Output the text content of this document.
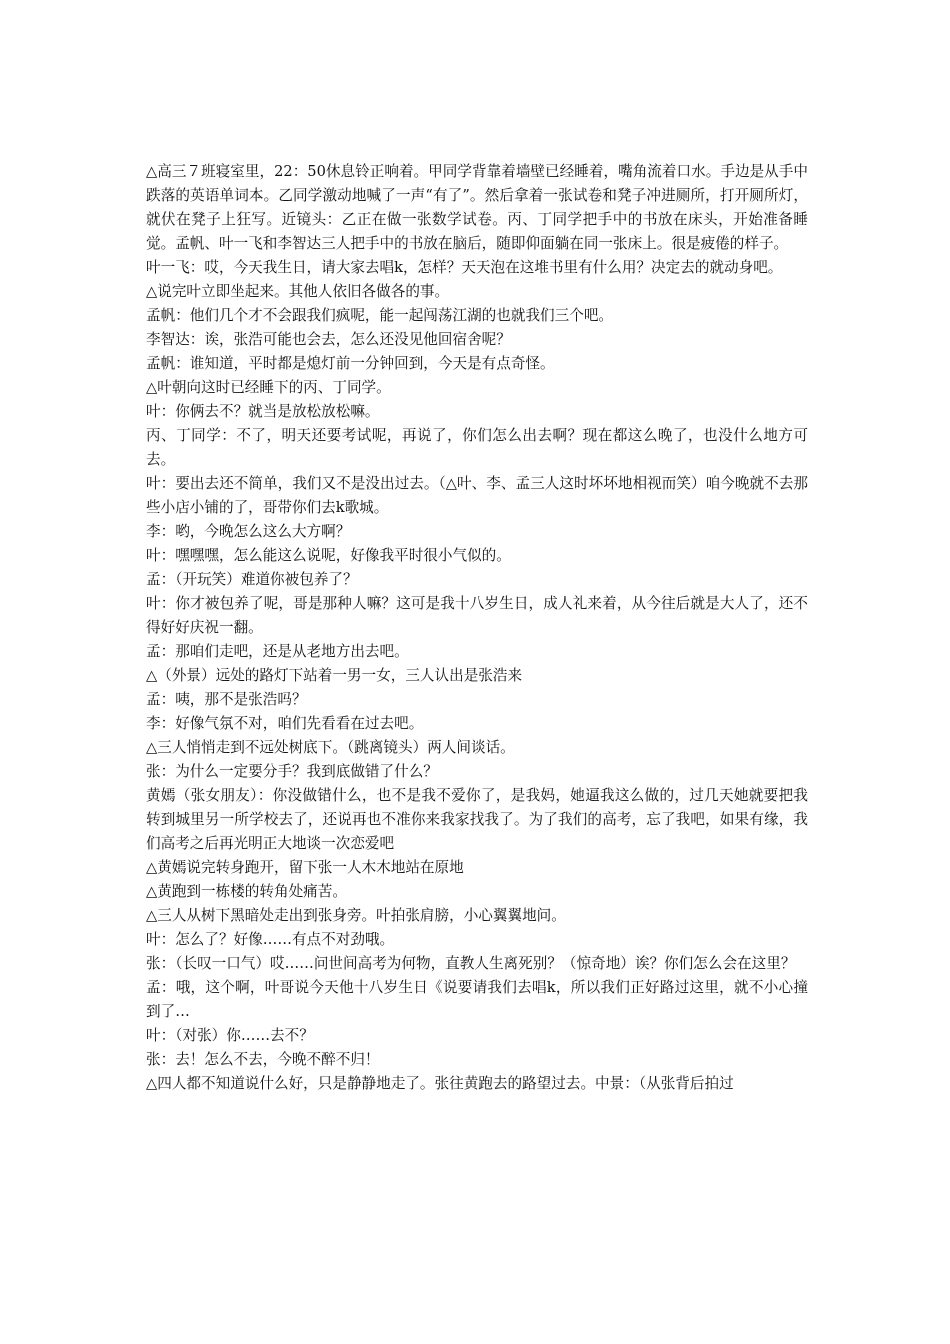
△高三７班寝室里，22：50休息铃正响着。甲同学背靠着墙壁已经睡着，嘴角流着口水。手边是从手中跌落的英语单词本。乙同学激动地喊了一声“有了”。然后拿着一张试卷和凳子冲进厕所，打开厕所灯，就伏在凳子上狂写。近镜头：乙正在做一张数学试卷。丙、丁同学把手中的书放在床头，开始准备睡觉。孟帆、叶一飞和李智达三人把手中的书放在脑后，随即仰面躺在同一张床上。很是疲倦的样子。

叶一飞：哎，今天我生日，请大家去唱k，怎样？天天泡在这堆书里有什么用？决定去的就动身吧。

△说完叶立即坐起来。其他人依旧各做各的事。

孟帆：他们几个才不会跟我们疯呢，能一起闯荡江湖的也就我们三个吧。

李智达：诶，张浩可能也会去，怎么还没见他回宿舍呢？

孟帆：谁知道，平时都是熄灯前一分钟回到，今天是有点奇怪。

△叶朝向这时已经睡下的丙、丁同学。

叶：你俩去不？就当是放松放松嘛。

丙、丁同学：不了，明天还要考试呢，再说了，你们怎么出去啊？现在都这么晚了，也没什么地方可去。

叶：要出去还不简单，我们又不是没出过去。（△叶、李、孟三人这时坏坏地相视而笑）咱今晚就不去那些小店小铺的了，哥带你们去k歌城。

李：哟，今晚怎么这么大方啊？

叶：嘿嘿嘿，怎么能这么说呢，好像我平时很小气似的。

孟：（开玩笑）难道你被包养了？

叶：你才被包养了呢，哥是那种人嘛？这可是我十八岁生日，成人礼来着，从今往后就是大人了，还不得好好庆祝一翻。

孟：那咱们走吧，还是从老地方出去吧。

△（外景）远处的路灯下站着一男一女，三人认出是张浩来

孟：咦，那不是张浩吗？

李：好像气氛不对，咱们先看看在过去吧。

△三人悄悄走到不远处树底下。（跳离镜头）两人间谈话。

张：为什么一定要分手？我到底做错了什么？

黄嫣（张女朋友）：你没做错什么，也不是我不爱你了，是我妈，她逼我这么做的，过几天她就要把我转到城里另一所学校去了，还说再也不准你来我家找我了。为了我们的高考，忘了我吧，如果有缘，我们高考之后再光明正大地谈一次恋爱吧

△黄嫣说完转身跑开，留下张一人木木地站在原地

△黄跑到一栋楼的转角处痛苦。

△三人从树下黑暗处走出到张身旁。叶拍张肩膀，小心翼翼地问。

叶：怎么了？好像……有点不对劲哦。

张：（长叹一口气）哎……问世间高考为何物，直教人生离死别？（惊奇地）诶？你们怎么会在这里？

孟：哦，这个啊，叶哥说今天他十八岁生日《说要请我们去唱k，所以我们正好路过这里，就不小心撞到了…

叶：（对张）你……去不？

张：去！怎么不去，今晚不醉不归！

△四人都不知道说什么好，只是静静地走了。张往黄跑去的路望过去。中景：（从张背后拍过
